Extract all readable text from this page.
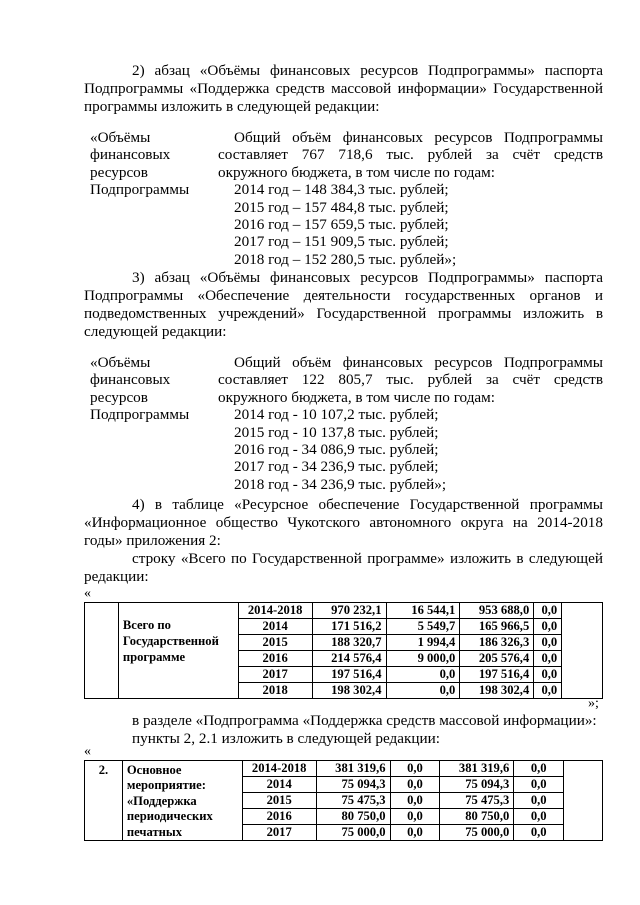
2) абзац «Объёмы финансовых ресурсов Подпрограммы» паспорта
Подпрограммы «Поддержка средств массовой информации» Государственной
программы изложить в следующей редакции:
«Объёмы
финансовых
ресурсов
Подпрограммы
Общий объём финансовых ресурсов Подпрограммы
составляет 767 718,6 тыс. рублей за счёт средств
окружного бюджета, в том числе по годам:
2014 год – 148 384,3 тыс. рублей;
2015 год – 157 484,8 тыс. рублей;
2016 год – 157 659,5 тыс. рублей;
2017 год – 151 909,5 тыс. рублей;
2018 год – 152 280,5 тыс. рублей»;
3) абзац «Объёмы финансовых ресурсов Подпрограммы» паспорта
Подпрограммы «Обеспечение деятельности государственных органов и
подведомственных учреждений» Государственной программы изложить в
следующей редакции:
«Объёмы
финансовых
ресурсов
Подпрограммы
Общий объём финансовых ресурсов Подпрограммы
составляет 122 805,7 тыс. рублей за счёт средств
окружного бюджета, в том числе по годам:
2014 год - 10 107,2 тыс. рублей;
2015 год - 10 137,8 тыс. рублей;
2016 год - 34 086,9 тыс. рублей;
2017 год - 34 236,9 тыс. рублей;
2018 год - 34 236,9 тыс. рублей»;
4) в таблице «Ресурсное обеспечение Государственной программы
«Информационное общество Чукотского автономного округа на 2014-2018
годы» приложения 2:
строку «Всего по Государственной программе» изложить в следующей
редакции:
«
	Всего по Государственной программе	2014-2018	970 232,1	16 544,1	953 688,0	0,0	
		2014	171 516,2	5 549,7	165 966,5	0,0	
		2015	188 320,7	1 994,4	186 326,3	0,0	
		2016	214 576,4	9 000,0	205 576,4	0,0	
		2017	197 516,4	0,0	197 516,4	0,0	
		2018	198 302,4	0,0	198 302,4	0,0	
»;
в разделе «Подпрограмма «Поддержка средств массовой информации»:
пункты 2, 2.1 изложить в следующей редакции:
«
2.	Основное мероприятие: «Поддержка периодических печатных	2014-2018	381 319,6	0,0	381 319,6	0,0	
		2014	75 094,3	0,0	75 094,3	0,0	
		2015	75 475,3	0,0	75 475,3	0,0	
		2016	80 750,0	0,0	80 750,0	0,0	
		2017	75 000,0	0,0	75 000,0	0,0	
